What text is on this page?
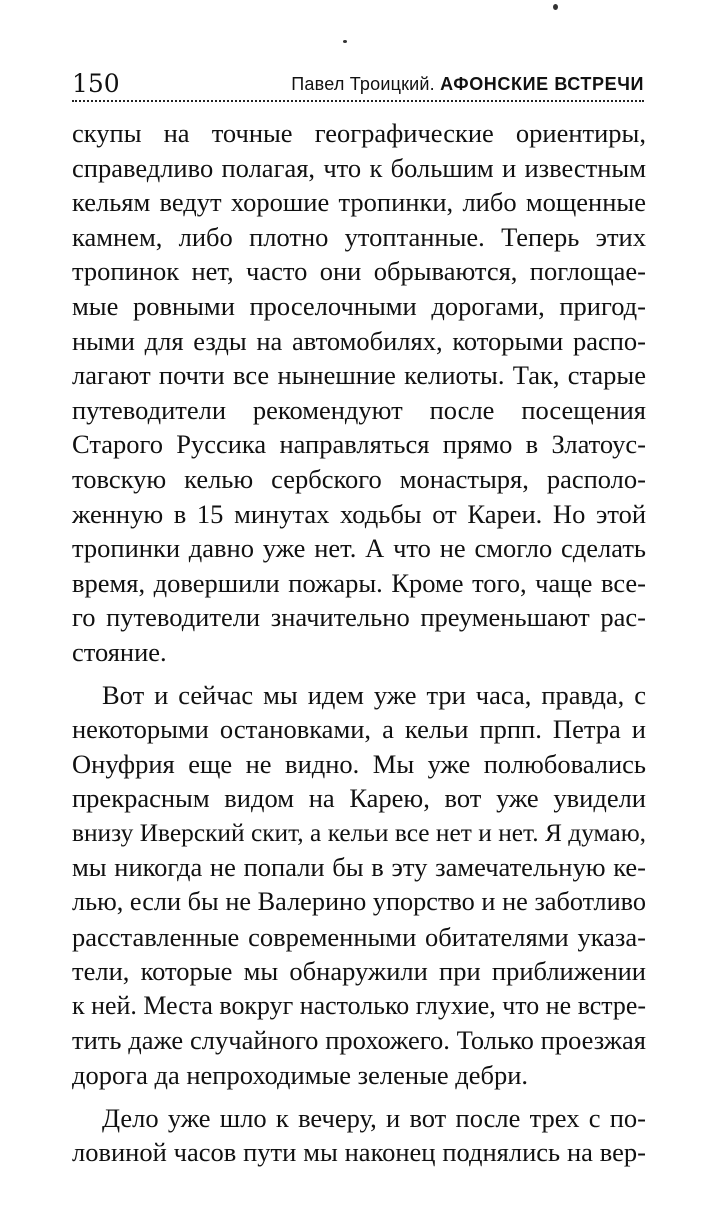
150	Павел Троицкий. АФОНСКИЕ ВСТРЕЧИ
скупы на точные географические ориентиры,
справедливо полагая, что к большим и известным
кельям ведут хорошие тропинки, либо мощенные
камнем, либо плотно утоптанные. Теперь этих
тропинок нет, часто они обрываются, поглощае-
мые ровными проселочными дорогами, пригод-
ными для езды на автомобилях, которыми распо-
лагают почти все нынешние келиоты. Так, старые
путеводители рекомендуют после посещения
Старого Руссика направляться прямо в Златоус-
товскую келью сербского монастыря, располо-
женную в 15 минутах ходьбы от Кареи. Но этой
тропинки давно уже нет. А что не смогло сделать
время, довершили пожары. Кроме того, чаще все-
го путеводители значительно преуменьшают рас-
стояние.
Вот и сейчас мы идем уже три часа, правда, с
некоторыми остановками, а кельи прпп. Петра и
Онуфрия еще не видно. Мы уже полюбовались
прекрасным видом на Карею, вот уже увидели
внизу Иверский скит, а кельи все нет и нет. Я думаю,
мы никогда не попали бы в эту замечательную ке-
лью, если бы не Валерино упорство и не заботливо
расставленные современными обитателями указа-
тели, которые мы обнаружили при приближении
к ней. Места вокруг настолько глухие, что не встре-
тить даже случайного прохожего. Только проезжая
дорога да непроходимые зеленые дебри.
Дело уже шло к вечеру, и вот после трех с по-
ловиной часов пути мы наконец поднялись на вер-
